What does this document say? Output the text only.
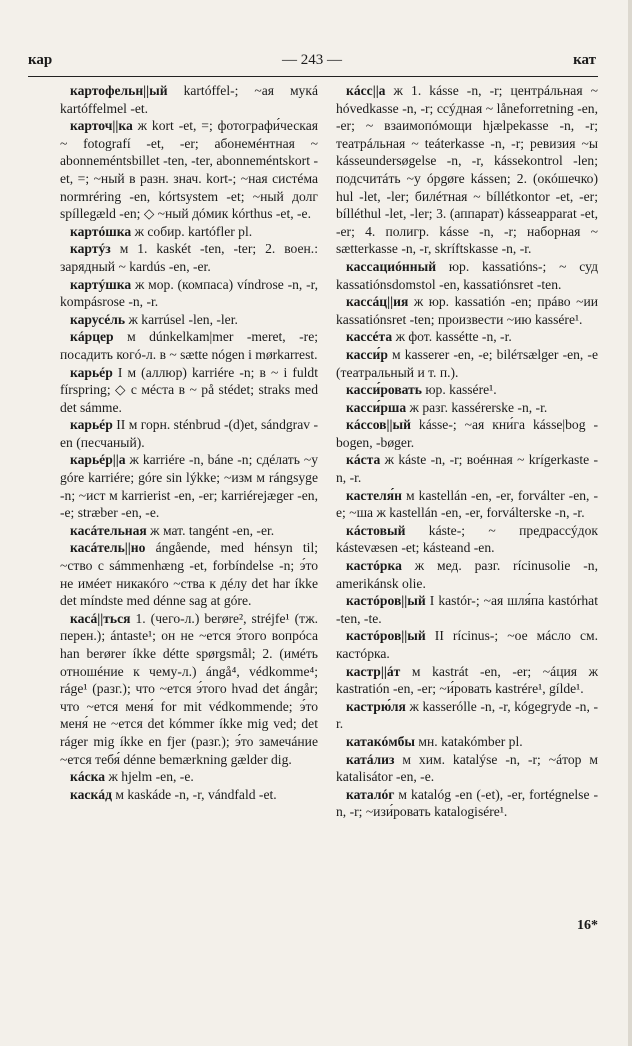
кар	— 243 —	кат

картофельн||ый kartóffel-; ~ая мукá kartóffelmel -et.

карточ||ка ж kort -et, =; фотографи́ческая ~ fotografí -et, -er; абонемéнтная ~ abonneméntsbillet -ten, -ter, abonneméntskort -et, =; ~ный в разн. знач. kort-; ~ная систéма normréring -en, kórtsystem -et; ~ный долг spíllegæld -en; ◇ ~ный дóмик kórthus -et, -e.

картóшка ж собир. kartófler pl.

картýз м 1. kaskét -ten, -ter; 2. воен.: зарядный ~ kardús -en, -er.

картýшка ж мор. (компаса) víndrose -n, -r, kompásrose -n, -r.

карусéль ж karrúsel -len, -ler.

кáрцер м dúnkelkam|mer -meret, -re; посадить когó-л. в ~ sætte nógen i mørkarrest.

карьéр I м (аллюр) karriére -n; в ~ i fuldt fírspring; ◇ с мéста в ~ på stédet; straks med det sámme.

карьéр II м горн. sténbrud -(d)et, sándgrav -en (песчаный).

карьéр||а ж karriére -n, báne -n; сдéлать ~у góre karriére; góre sin lýkke; ~изм м rángsyge -n; ~ист м karrierist -en, -er; karriérejæger -en, -e; stræber -en, -e.

касáтельная ж мат. tangént -en, -er.

касáтель||но ángående, med hénsyn til; ~ство с sámmenhæng -et, forbíndelse -n; э́то не имéет никакóго ~ства к дéлу det har íkke det míndste med dénne sag at góre.

касá||ться 1. (чего-л.) berøre², stréjfe¹ (тж. перен.); ántaste¹; он не ~ется э́того вопрóса han berører íkke détte spørgsmål; 2. (имéть отношéние к чему-л.) ángå⁴, védkomme⁴; ráge¹ (разг.); что ~ется э́того hvad det ángår; что ~ется меня́ for mit védkommende; э́то меня́ не ~ется det kómmer íkke mig ved; det ráger mig íkke en fjer (разг.); э́то замечáние ~ется тебя́ dénne bemærkning gælder dig.

кáска ж hjelm -en, -e.

каскáд м kaskáde -n, -r, vándfald -et.

кáсс||а ж 1. kásse -n, -r; центрáльная ~ hóvedkasse -n, -r; ссýдная ~ låneforretning -en, -er; ~ взаимопóмощи hjælpekasse -n, -r; театрáльная ~ teáterkasse -n, -r; ревизия ~ы kásseundersøgelse -n, -r, kássekontrol -len; подсчитáть ~у óрgøre kássen; 2. (окóшечко) hul -let, -ler; билéтная ~ bíllétkontor -et, -er; bílléthul -let, -ler; 3. (аппарат) kásseapparat -et, -er; 4. полигр. kásse -n, -r; наборная ~ sætterkasse -n, -r, skríftskasse -n, -r.

кассациóнный юр. kassatións-; ~ суд kassatiónsdomstol -en, kassatiónsret -ten.

кассáц||ия ж юр. kassatión -en; прáво ~ии kassatiónsret -ten; произвести ~ию kassére¹.

кассéта ж фот. kassétte -n, -r.

касси́р м kasserer -en, -e; biléтsælger -en, -e (театральный и т. п.).

касси́ровать юр. kassére¹.

касси́рша ж разг. kassérerske -n, -r.

кáссов||ый kásse-; ~ая кни́га kásse|bog -bogen, -bøger.

кáста ж káste -n, -r; воéнная ~ krígerkaste -n, -r.

кастеля́н м kastellán -en, -er, forválter -en, -e; ~ша ж kastellán -en, -er, forválterske -n, -r.

кáстовый káste-; ~ предрассýдок kástevæsen -et; kásteand -en.

кастóрка ж мед. разг. rícinusolie -n, amerikánsk olie.

кастóров||ый I kastór-; ~ая шля́па kastórhat -ten, -te.

кастóров||ый II rícinus-; ~ое мáсло см. кастóрка.

кастр||áт м kastrát -en, -er; ~áция ж kastratión -en, -er; ~и́ровать kastrére¹, gílde¹.

кастрю́ля ж kasserólle -n, -r, kógegryde -n, -r.

катакóмбы мн. katakómber pl.

катáлиз м хим. katalýse -n, -r; ~áтор м katalisátor -en, -e.

каталóг м katalóg -en (-et), -er, fortégnelse -n, -r; ~изи́ровать katalogisére¹.

16*
